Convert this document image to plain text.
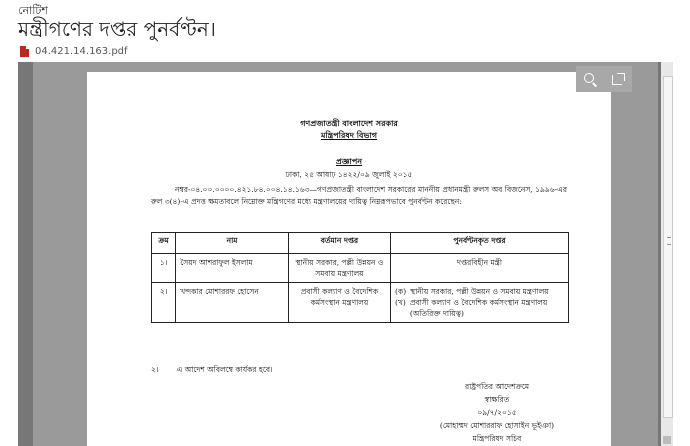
নোটিশ
মন্ত্রীগণের দপ্তর পুনর্বণ্টন।
04.421.14.163.pdf
গণপ্রজাতন্ত্রী বাংলাদেশ সরকার
মন্ত্রিপরিষদ বিভাগ
প্রজ্ঞাপন
ঢাকা, ২৫ আষাঢ় ১৪২২/০৯ জুলাই ২০১৫
নম্বর-০৪.০০.০০০০.৪২১.৮৪.০০৪.১৪.১৬৩—গণপ্রজাতন্ত্রী বাংলাদেশ সরকারের মাননীয় প্রধানমন্ত্রী রুলস অব বিজনেস, ১৯৯৬-এর রুল ৩(৪)-এ প্রদত্ত ক্ষমতাবলে নিম্নোক্ত মন্ত্রিগণের মধ্যে মন্ত্রণালয়ের দায়িত্ব নিম্নরূপভাবে পুনর্বণ্টন করেছেন:
ক্রম	নাম	বর্তমান দপ্তর	পুনর্বণ্টনকৃত দপ্তর
১।	সৈয়দ আশরাফুল ইসলাম	স্থানীয় সরকার, পল্লী উন্নয়ন ও সমবায় মন্ত্রণালয়	দপ্তরবিহীন মন্ত্রী
২।	খন্দকার মোশাররফ হোসেন	প্রবাসী কল্যাণ ও বৈদেশিক কর্মসংস্থান মন্ত্রণালয়	(ক) স্থানীয় সরকার, পল্লী উন্নয়ন ও সমবায় মন্ত্রণালয়
(খ) প্রবাসী কল্যাণ ও বৈদেশিক কর্মসংস্থান মন্ত্রণালয় (অতিরিক্ত দায়িত্ব)
২। এ আদেশ অবিলম্বে কার্যকর হবে।
রাষ্ট্রপতির আদেশক্রমে
স্বাক্ষরিত
০৯/৭/২০১৫
(মোহাম্মদ মোশাররাফ হোসাইন ভূইঞা)
মন্ত্রিপরিষদ সচিব
